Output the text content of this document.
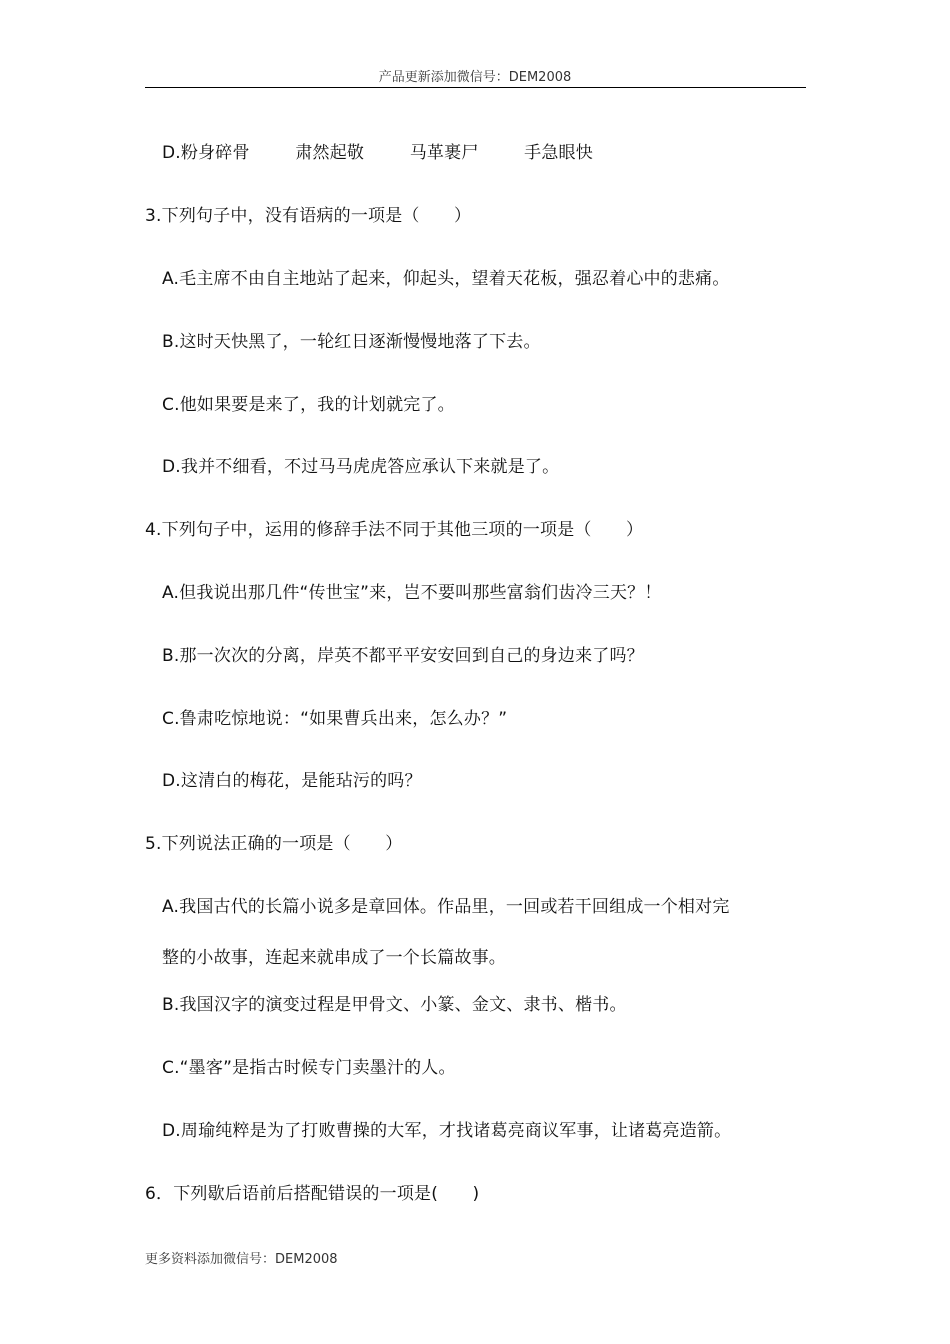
产品更新添加微信号：DEM2008
D.粉身碎骨	肃然起敬	马革裹尸	手急眼快
3.下列句子中，没有语病的一项是（　　）
A.毛主席不由自主地站了起来，仰起头，望着天花板，强忍着心中的悲痛。
B.这时天快黑了，一轮红日逐渐慢慢地落了下去。
C.他如果要是来了，我的计划就完了。
D.我并不细看，不过马马虎虎答应承认下来就是了。
4.下列句子中，运用的修辞手法不同于其他三项的一项是（　　）
A.但我说出那几件“传世宝”来，岂不要叫那些富翁们齿冷三天？！
B.那一次次的分离，岸英不都平平安安回到自己的身边来了吗？
C.鲁肃吃惊地说：“如果曹兵出来，怎么办？”
D.这清白的梅花，是能玷污的吗？
5.下列说法正确的一项是（　　）
A.我国古代的长篇小说多是章回体。作品里，一回或若干回组成一个相对完
整的小故事，连起来就串成了一个长篇故事。
B.我国汉字的演变过程是甲骨文、小篆、金文、隶书、楷书。
C.“墨客”是指古时候专门卖墨汁的人。
D.周瑜纯粹是为了打败曹操的大军，才找诸葛亮商议军事，让诸葛亮造箭。
6．下列歇后语前后搭配错误的一项是(　　)
更多资料添加微信号：DEM2008
